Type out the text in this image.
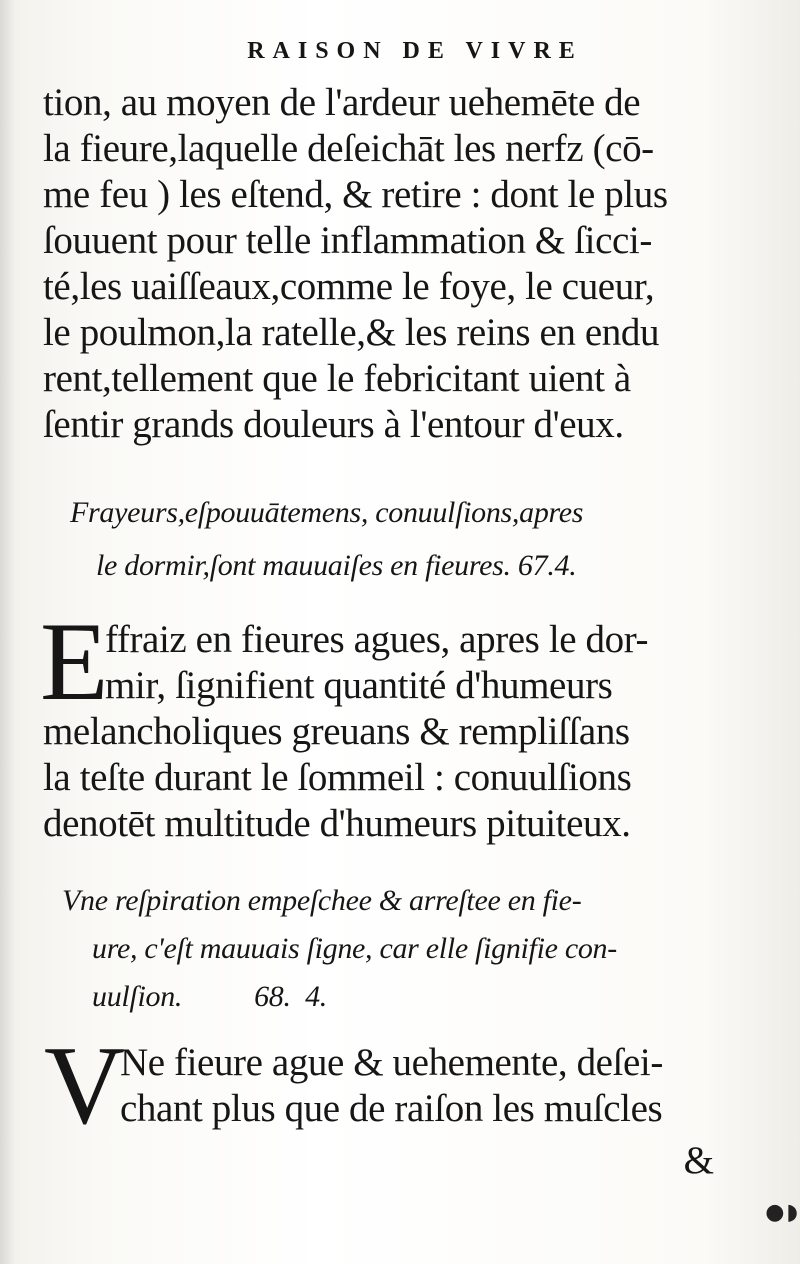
RAISON DE VIVRE
tion, au moyen de l'ardeur uehemēte de
la fieure,laquelle deſeichāt les nerfz (cō-
me feu ) les eſtend, & retire : dont le plus
ſouuent pour telle inflammation & ſicci-
té,les uaiſſeaux,comme le foye, le cueur,
le poulmon,la ratelle,& les reins en endu
rent,tellement que le febricitant uient à
ſentir grands douleurs à l'entour d'eux.
Frayeurs,eſpouuātemens, conuulſions,apres
le dormir,ſont mauuaiſes en fieures. 67.4.
E
ffraiz en fieures agues, apres le dor-
mir, ſignifient quantité d'humeurs
melancholiques greuans & rempliſſans
la teſte durant le ſommeil : conuulſions
denotēt multitude d'humeurs pituiteux.
Vne reſpiration empeſchee & arreſtee en fie-
ure, c'eſt mauuais ſigne, car elle ſignifie con-
uulſion.          68.  4.
V
Ne fieure ague & uehemente, deſei-
chant plus que de raiſon les muſcles
&
●◗
